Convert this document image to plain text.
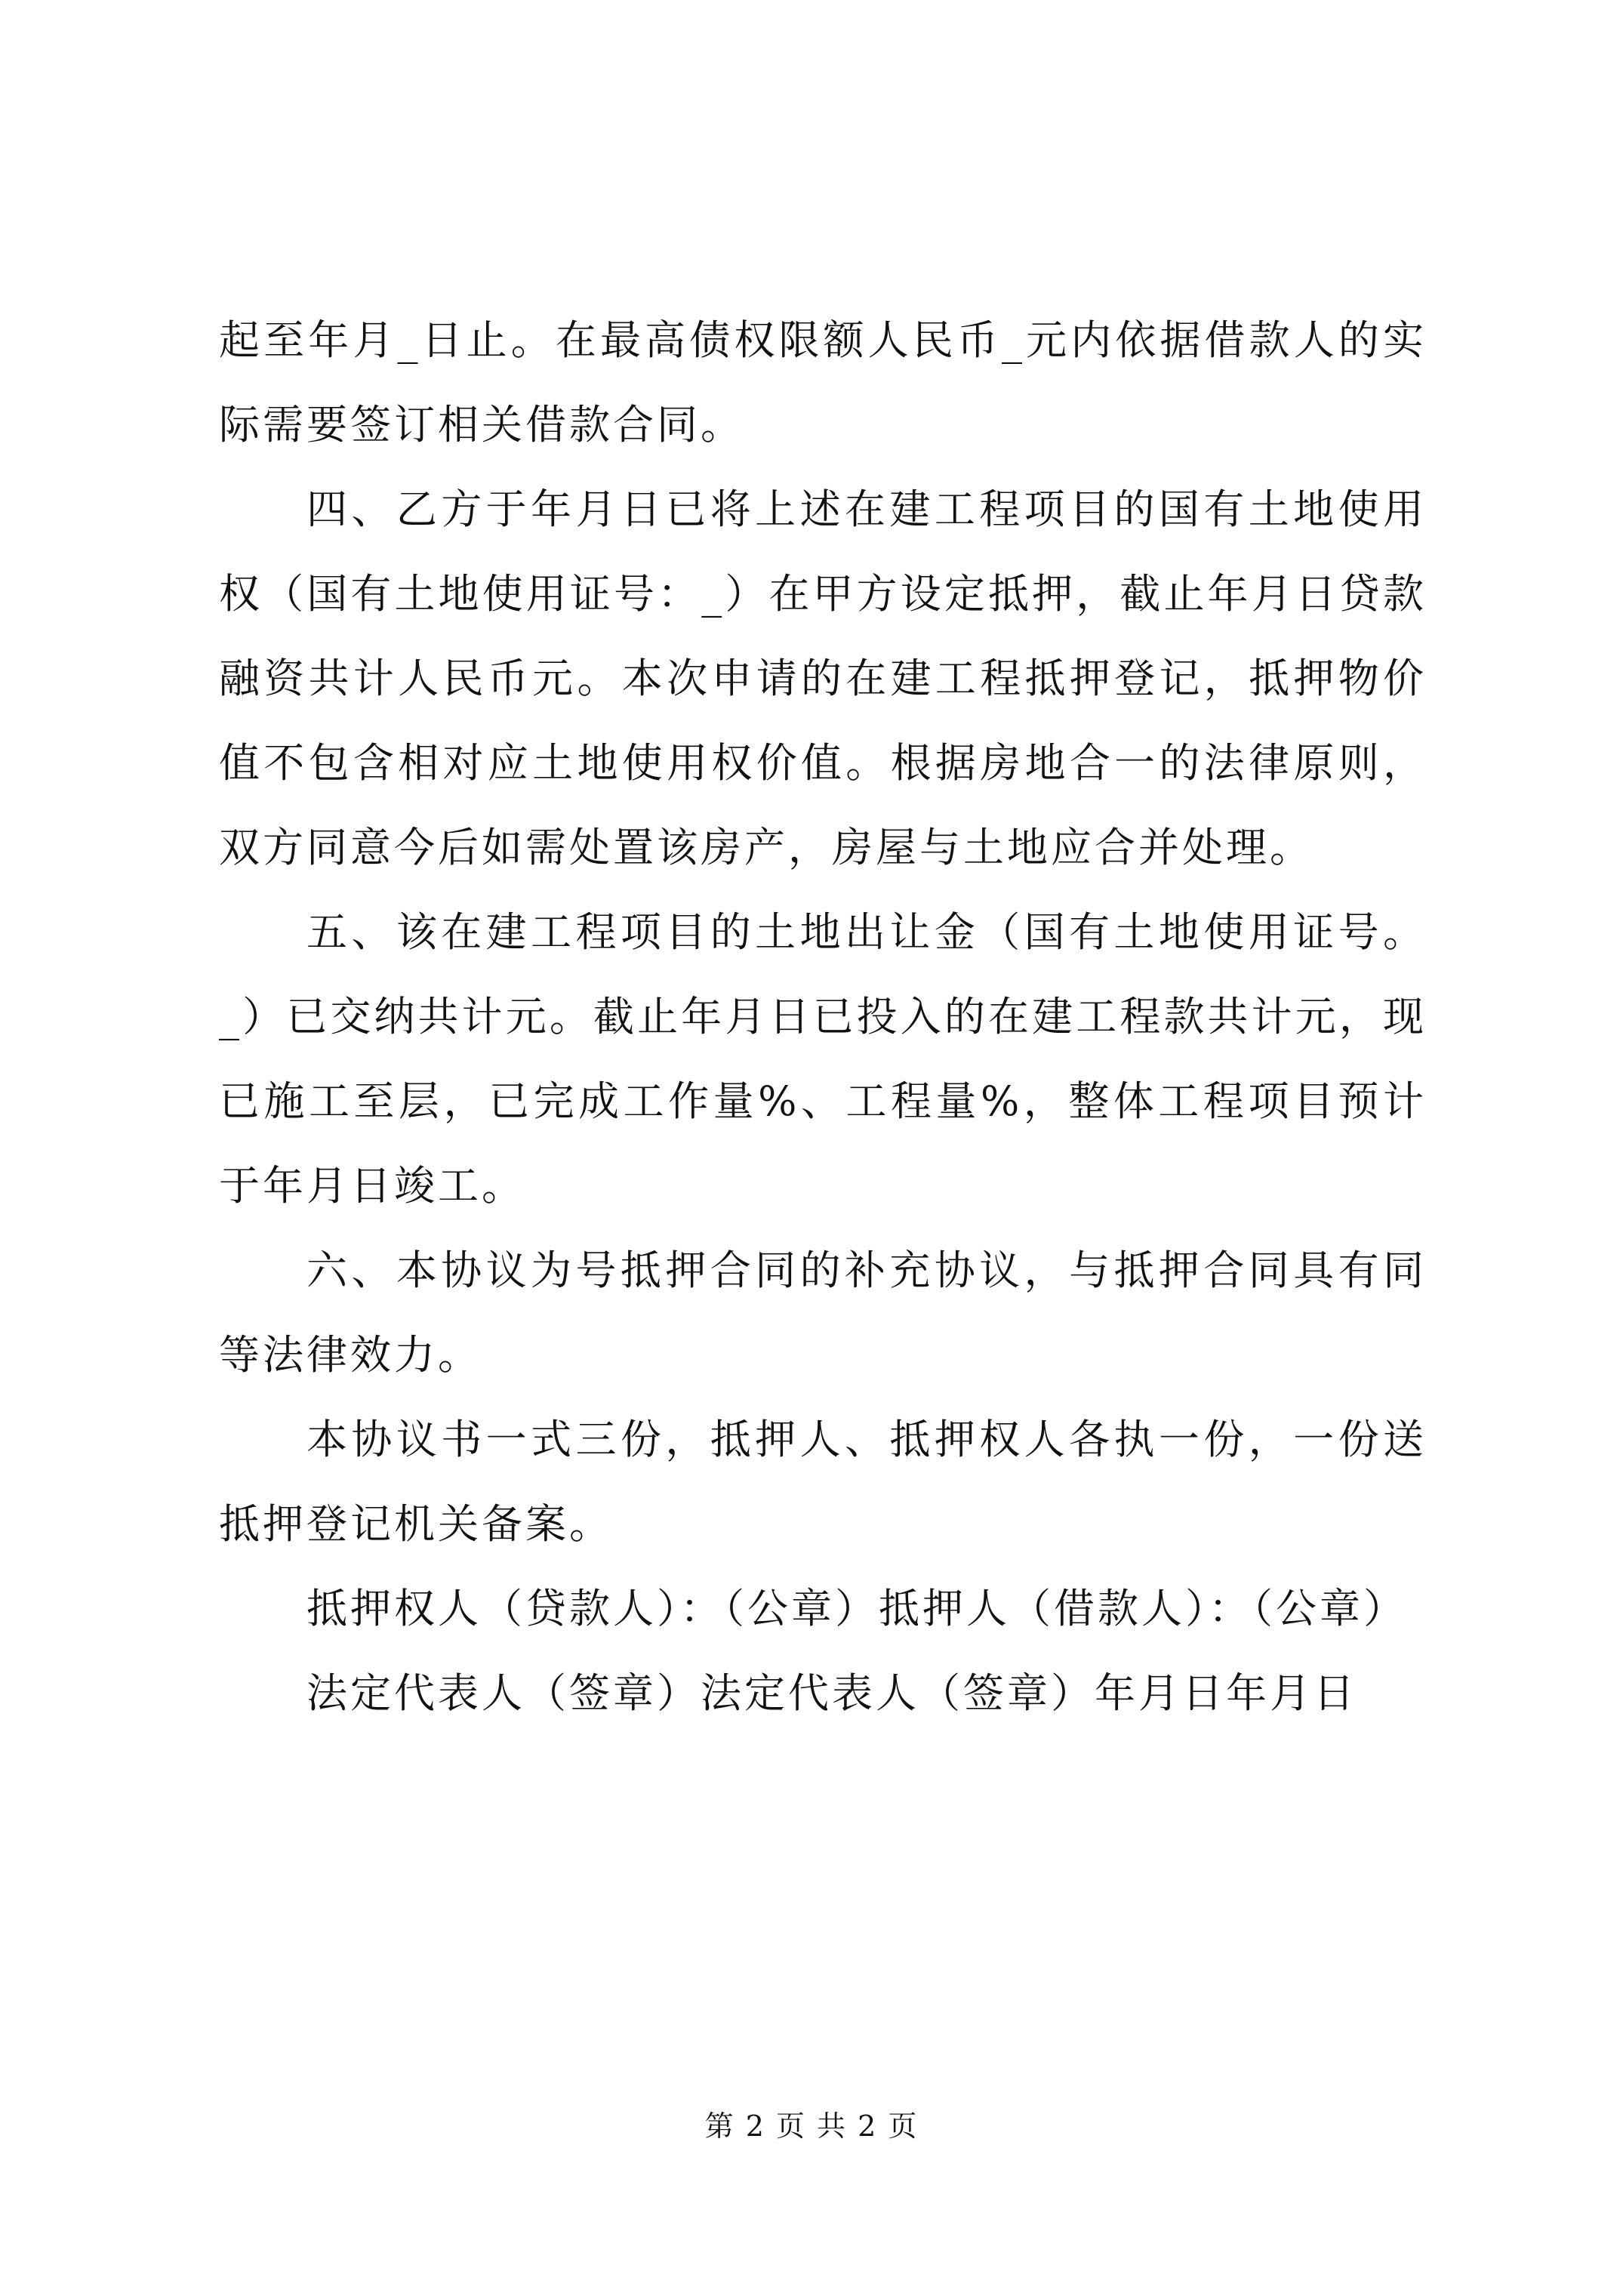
起至年月_日止。在最高债权限额人民币_元内依据借款人的实际需要签订相关借款合同。

四、乙方于年月日已将上述在建工程项目的国有土地使用权（国有土地使用证号：_）在甲方设定抵押，截止年月日贷款融资共计人民币元。本次申请的在建工程抵押登记，抵押物价值不包含相对应土地使用权价值。根据房地合一的法律原则，双方同意今后如需处置该房产，房屋与土地应合并处理。

五、该在建工程项目的土地出让金（国有土地使用证号。_）已交纳共计元。截止年月日已投入的在建工程款共计元，现已施工至层，已完成工作量%、工程量%，整体工程项目预计于年月日竣工。

六、本协议为号抵押合同的补充协议，与抵押合同具有同等法律效力。

本协议书一式三份，抵押人、抵押权人各执一份，一份送抵押登记机关备案。

抵押权人（贷款人）：（公章）抵押人（借款人）：（公章）

法定代表人（签章）法定代表人（签章）年月日年月日

第 2 页 共 2 页
